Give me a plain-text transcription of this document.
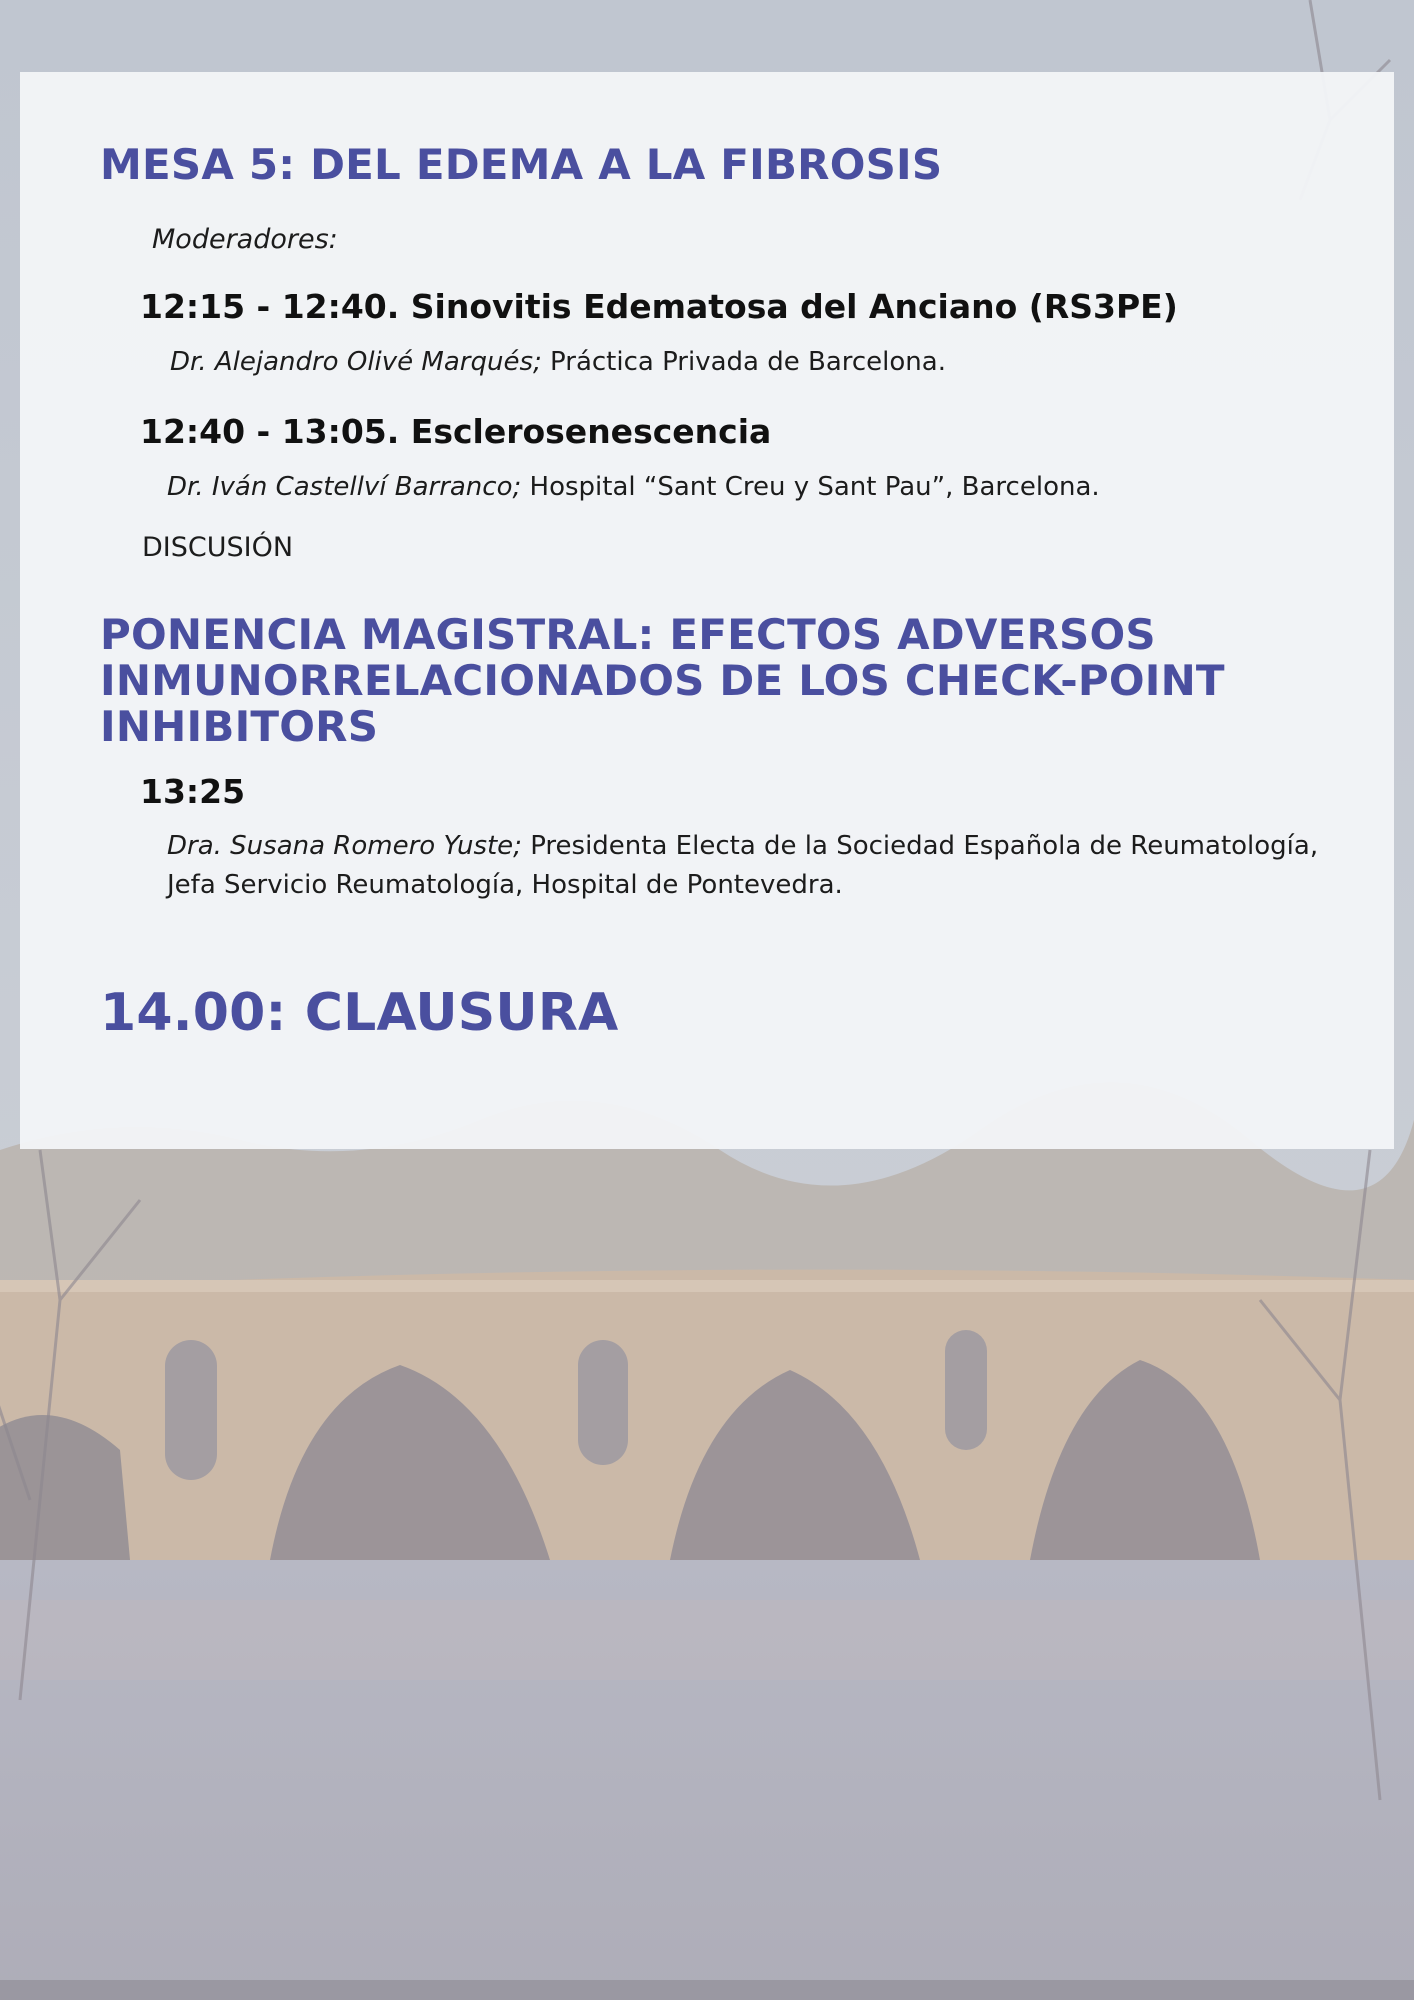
MESA 5: DEL EDEMA A LA FIBROSIS
Moderadores:
12:15 - 12:40. Sinovitis Edematosa del Anciano (RS3PE)

Dr. Alejandro Olivé Marqués; Práctica Privada de Barcelona.

12:40 - 13:05. Esclerosenescencia

Dr. Iván Castellví Barranco; Hospital “Sant Creu y Sant Pau”, Barcelona.

DISCUSIÓN
PONENCIA MAGISTRAL: EFECTOS ADVERSOS
INMUNORRELACIONADOS DE LOS CHECK-POINT
INHIBITORS
13:25

Dra. Susana Romero Yuste; Presidenta Electa de la Sociedad Española de Reumatología,

Jefa Servicio Reumatología, Hospital de Pontevedra.

14.00: CLAUSURA
